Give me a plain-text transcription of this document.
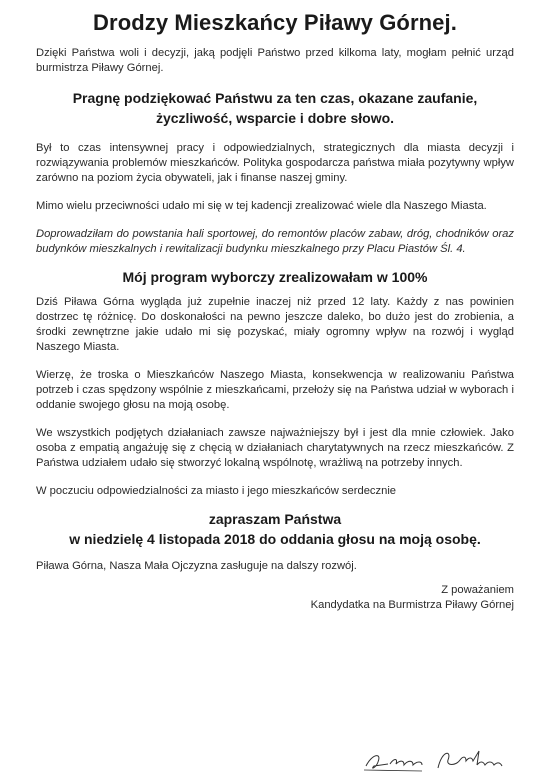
Drodzy Mieszkańcy Piławy Górnej.

Dzięki Państwa woli i decyzji, jaką podjęli Państwo przed kilkoma laty, mogłam pełnić urząd burmistrza Piławy Górnej.

Pragnę podziękować Państwu za ten czas, okazane zaufanie,
życzliwość, wsparcie i dobre słowo.

Był to czas intensywnej pracy i odpowiedzialnych, strategicznych dla miasta decyzji i rozwiązywania problemów mieszkańców. Polityka gospodarcza państwa miała pozytywny wpływ zarówno na poziom życia obywateli, jak i finanse naszej gminy.

Mimo wielu przeciwności udało mi się w tej kadencji zrealizować wiele dla Naszego Miasta.

Doprowadziłam do powstania hali sportowej, do remontów placów zabaw, dróg, chodników oraz budynków mieszkalnych i rewitalizacji budynku mieszkalnego przy Placu Piastów Śl. 4.

Mój program wyborczy zrealizowałam w 100%

Dziś Piława Górna wygląda już zupełnie inaczej niż przed 12 laty. Każdy z nas powinien dostrzec tę różnicę. Do doskonałości na pewno jeszcze daleko, bo dużo jest do zrobienia, a środki zewnętrzne jakie udało mi się pozyskać, miały ogromny wpływ na rozwój i wygląd Naszego Miasta.

Wierzę, że troska o Mieszkańców Naszego Miasta, konsekwencja w realizowaniu Państwa potrzeb i czas spędzony wspólnie z mieszkańcami, przełoży się na Państwa udział w wyborach i oddanie swojego głosu na moją osobę.

We wszystkich podjętych działaniach zawsze najważniejszy był i jest dla mnie człowiek. Jako osoba z empatią angażuję się z chęcią w działaniach charytatywnych na rzecz mieszkańców. Z Państwa udziałem udało się stworzyć lokalną wspólnotę, wrażliwą na potrzeby innych.

W poczuciu odpowiedzialności za miasto i jego mieszkańców serdecznie

zapraszam Państwa
w niedzielę 4 listopada 2018 do oddania głosu na moją osobę.

Piława Górna, Nasza Mała Ojczyzna zasługuje na dalszy rozwój.

Z poważaniem

Kandydatka na Burmistrza Piławy Górnej
